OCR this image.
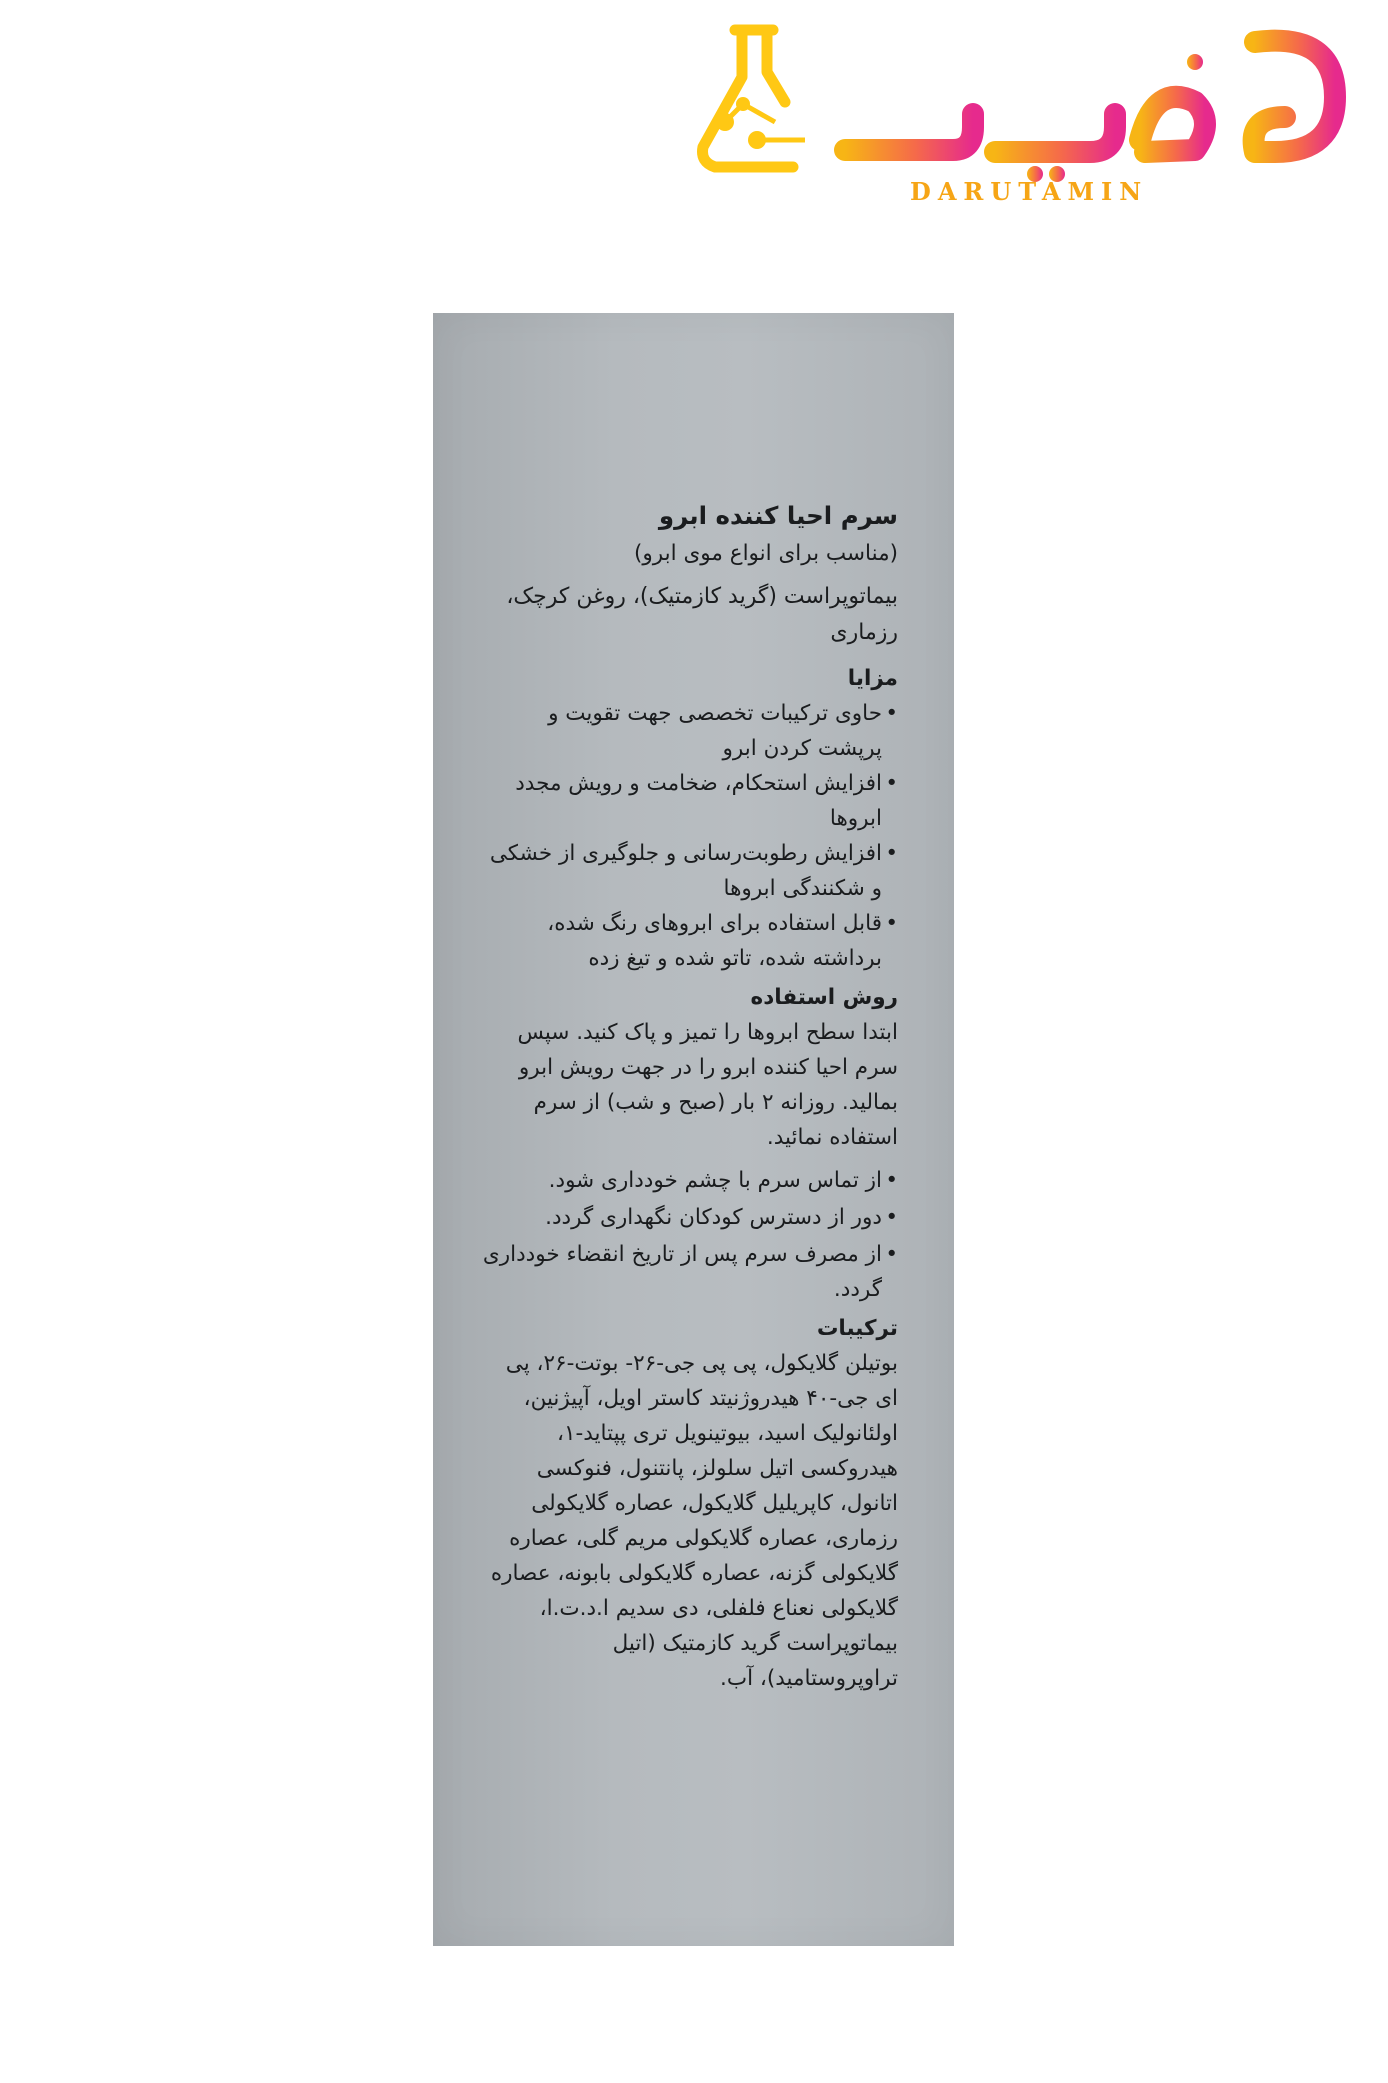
DARUTAMIN
سرم احیا کننده ابرو

(مناسب برای انواع موی ابرو)

بیماتوپراست (گرید کازمتیک)، روغن کرچک، رزماری

مزایا

• حاوی ترکیبات تخصصی جهت تقویت و پرپشت کردن ابرو
• افزایش استحکام، ضخامت و رویش مجدد ابروها
• افزایش رطوبت‌رسانی و جلوگیری از خشکی و شکنندگی ابروها
• قابل استفاده برای ابروهای رنگ شده، برداشته شده، تاتو شده و تیغ زده

روش استفاده

ابتدا سطح ابروها را تمیز و پاک کنید. سپس سرم احیا کننده ابرو را در جهت رویش ابرو بمالید. روزانه ۲ بار (صبح و شب) از سرم استفاده نمائید.

• از تماس سرم با چشم خودداری شود.
• دور از دسترس کودکان نگهداری گردد.
• از مصرف سرم پس از تاریخ انقضاء خودداری گردد.

ترکیبات

بوتیلن گلایکول، پی پی جی-۲۶- بوتت-۲۶، پی ای جی-۴۰ هیدروژنیتد کاستر اویل، آپیژنین، اولئانولیک اسید، بیوتینویل تری پپتاید-۱، هیدروکسی اتیل سلولز، پانتنول، فنوکسی اتانول، کاپریلیل گلایکول، عصاره گلایکولی رزماری، عصاره گلایکولی مریم گلی، عصاره گلایکولی گزنه، عصاره گلایکولی بابونه، عصاره گلایکولی نعناع فلفلی، دی سدیم ا.د.ت.ا، بیماتوپراست گرید کازمتیک (اتیل تراوپروستامید)، آب.
